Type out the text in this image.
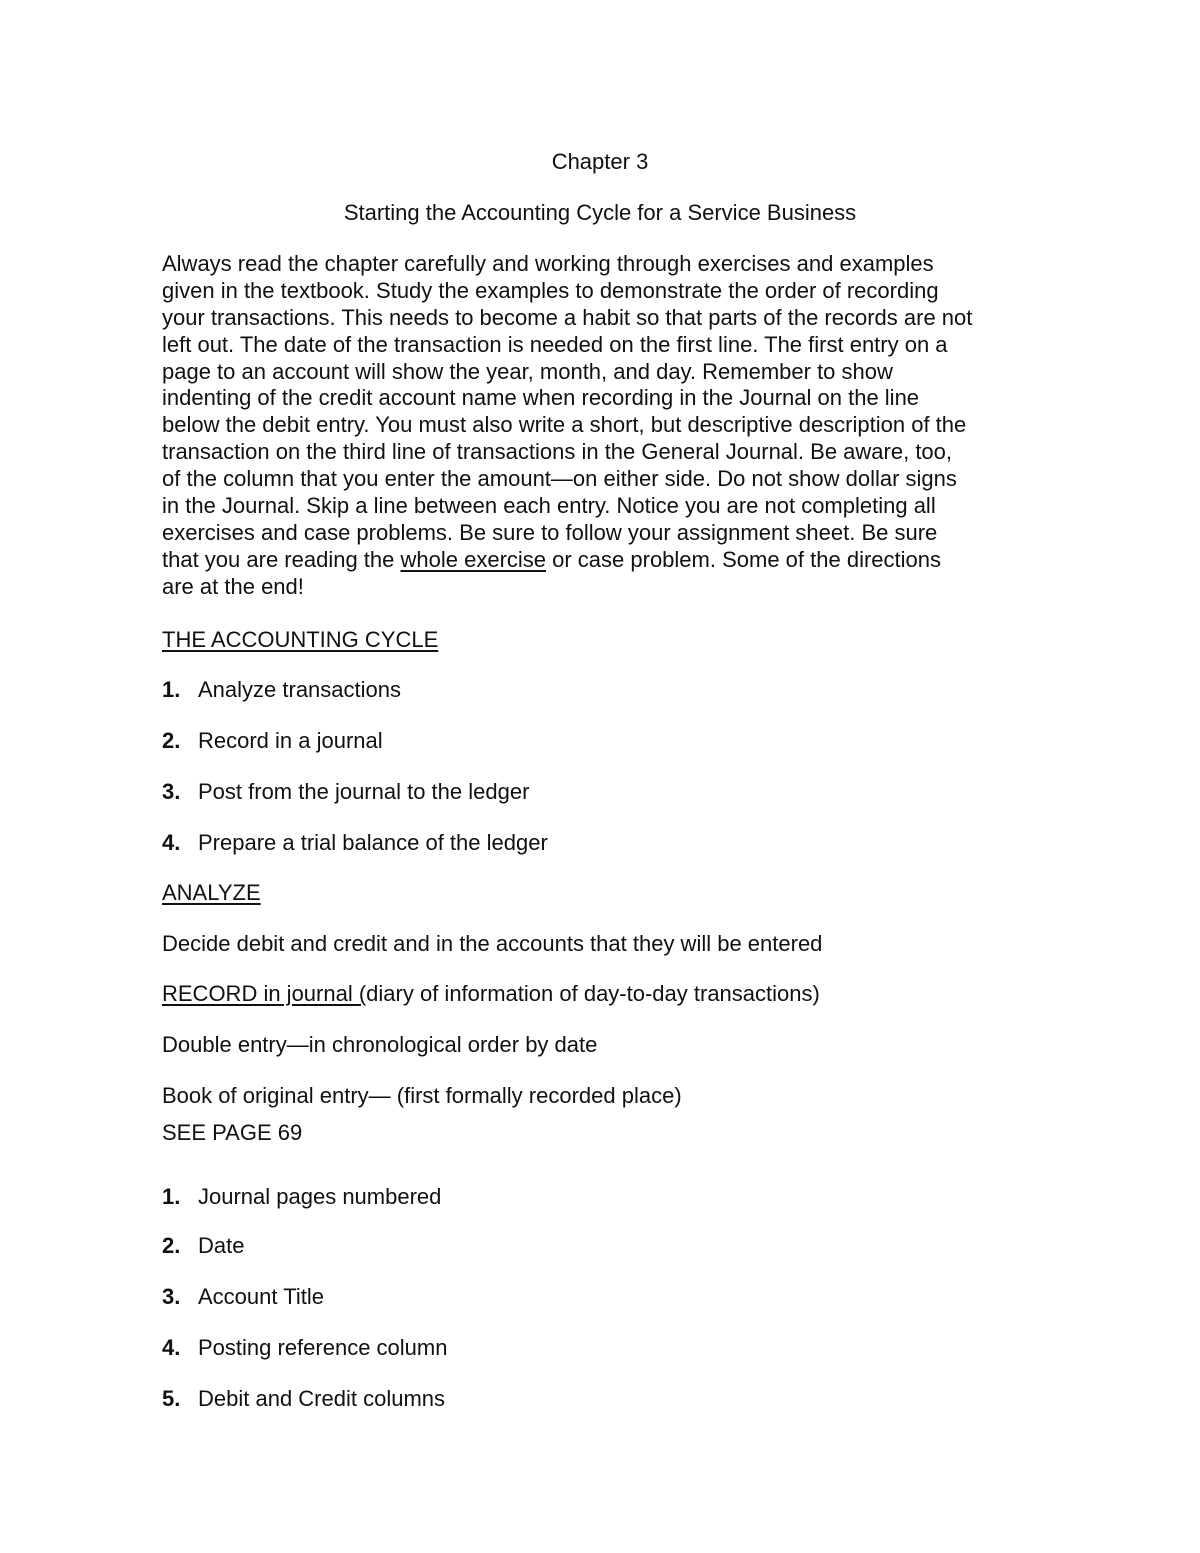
Chapter 3

Starting the Accounting Cycle for a Service Business

Always read the chapter carefully and working through exercises and examples
given in the textbook. Study the examples to demonstrate the order of recording
your transactions. This needs to become a habit so that parts of the records are not
left out. The date of the transaction is needed on the first line. The first entry on a
page to an account will show the year, month, and day. Remember to show
indenting of the credit account name when recording in the Journal on the line
below the debit entry. You must also write a short, but descriptive description of the
transaction on the third line of transactions in the General Journal. Be aware, too,
of the column that you enter the amount—on either side. Do not show dollar signs
in the Journal. Skip a line between each entry. Notice you are not completing all
exercises and case problems. Be sure to follow your assignment sheet. Be sure
that you are reading the whole exercise or case problem. Some of the directions
are at the end!

THE ACCOUNTING CYCLE

1. Analyze transactions

2. Record in a journal

3. Post from the journal to the ledger

4. Prepare a trial balance of the ledger

ANALYZE

Decide debit and credit and in the accounts that they will be entered

RECORD in journal (diary of information of day-to-day transactions)

Double entry—in chronological order by date

Book of original entry— (first formally recorded place)

SEE PAGE 69

1. Journal pages numbered

2. Date

3. Account Title

4. Posting reference column

5. Debit and Credit columns
